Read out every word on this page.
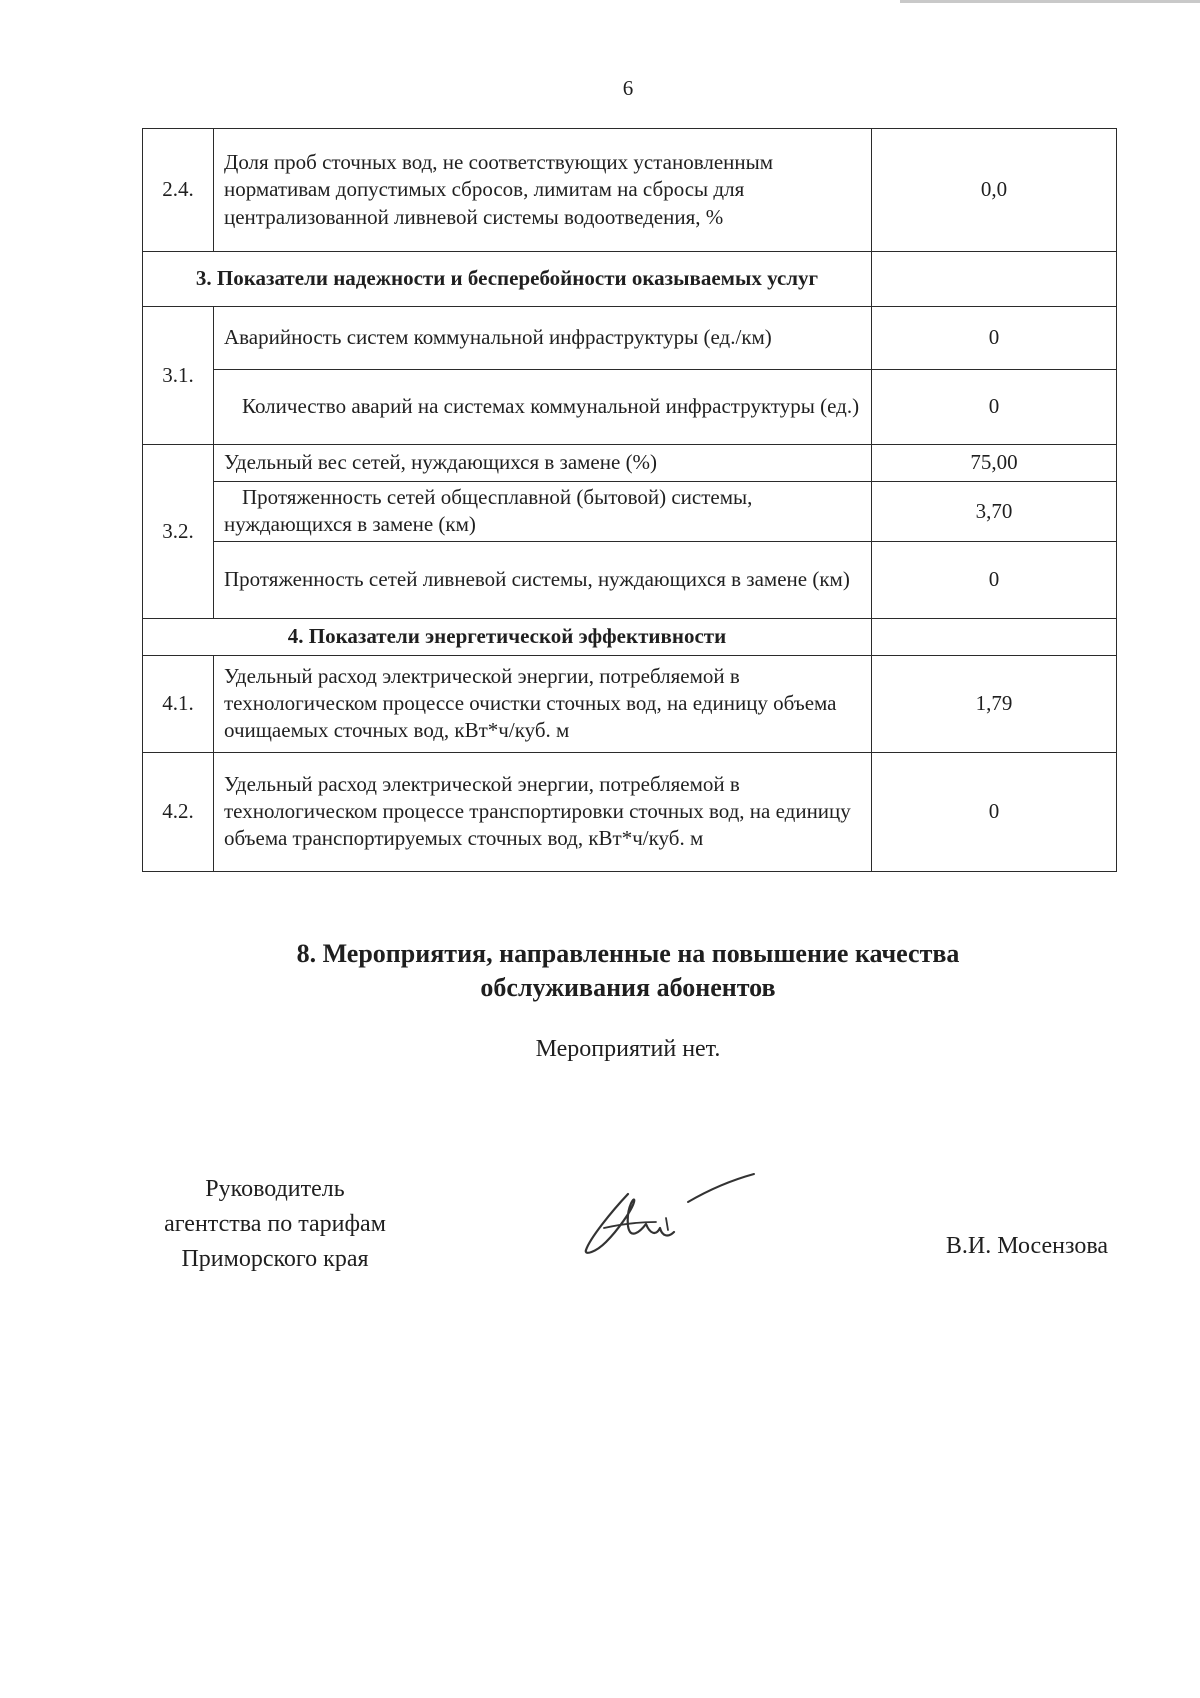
6
2.4.	Доля проб сточных вод, не соответствующих установленным нормативам допустимых сбросов, лимитам на сбросы для централизованной ливневой системы водоотведения, %	0,0
3. Показатели надежности и бесперебойности оказываемых услуг		
3.1.	Аварийность систем коммунальной инфраструктуры (ед./км)	0
	Количество аварий на системах коммунальной инфраструктуры (ед.)	0
3.2.	Удельный вес сетей, нуждающихся в замене (%)	75,00
	Протяженность сетей общесплавной (бытовой) системы, нуждающихся в замене (км)	3,70
	Протяженность сетей ливневой системы, нуждающихся в замене (км)	0
4. Показатели энергетической эффективности		
4.1.	Удельный расход электрической энергии, потребляемой в технологическом процессе очистки сточных вод, на единицу объема очищаемых сточных вод, кВт*ч/куб. м	1,79
4.2.	Удельный расход электрической энергии, потребляемой в технологическом процессе транспортировки сточных вод, на единицу объема транспортируемых сточных вод, кВт*ч/куб. м	0
8. Мероприятия, направленные на повышение качества
обслуживания абонентов
Мероприятий нет.
Руководитель
агентства по тарифам
Приморского края	В.И. Мосензова
